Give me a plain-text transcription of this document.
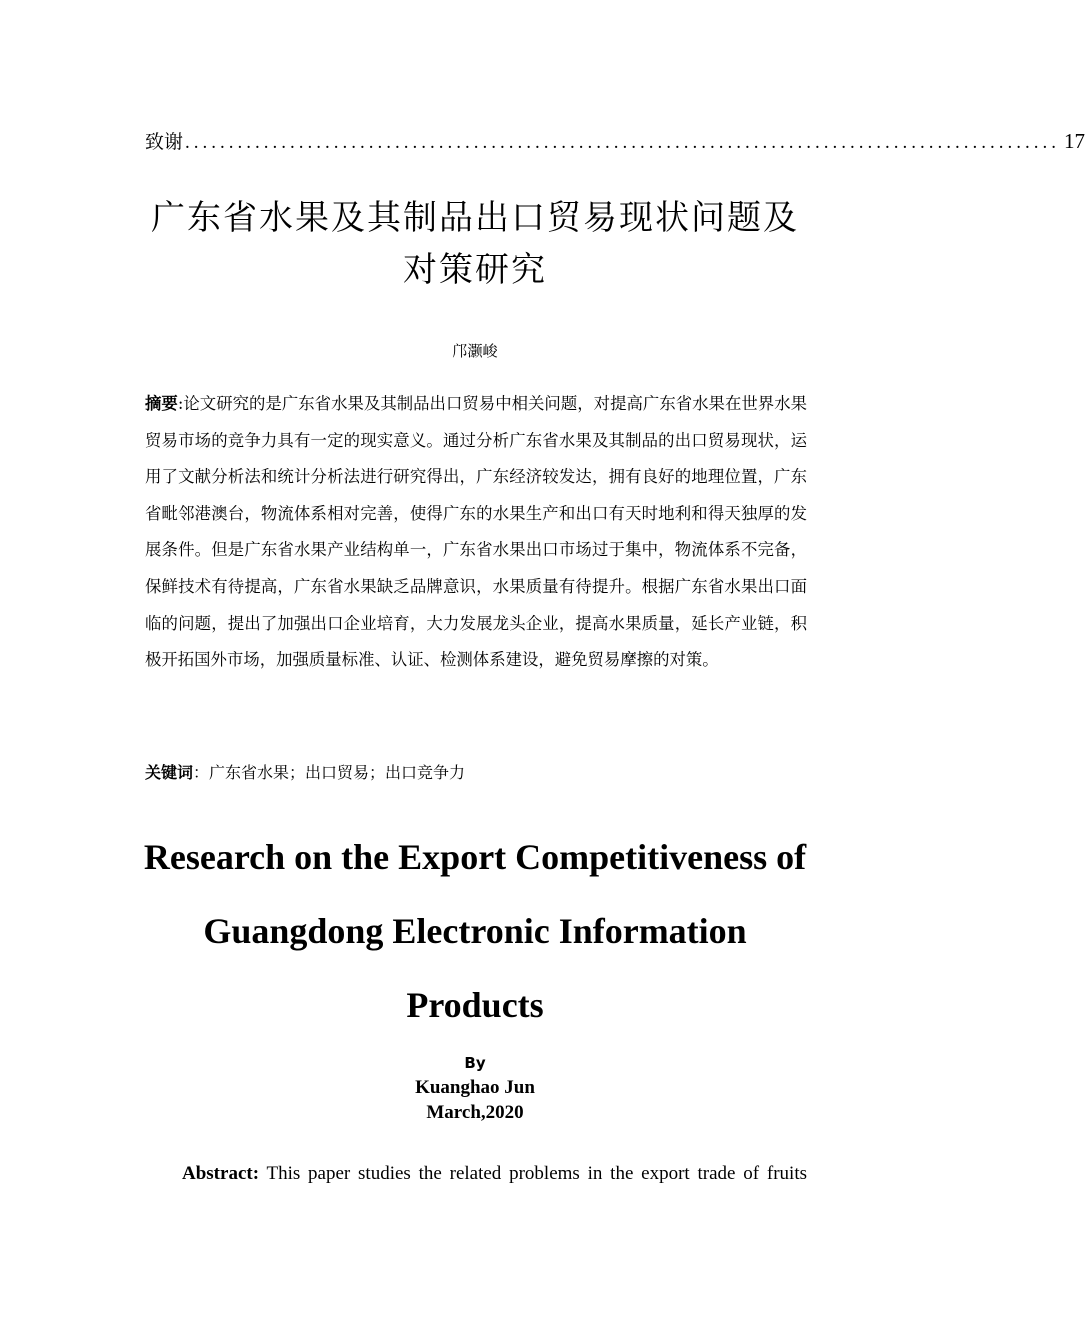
致谢 .................................................................................................... 17
广东省水果及其制品出口贸易现状问题及
对策研究
邝灏峻
摘要:论文研究的是广东省水果及其制品出口贸易中相关问题，对提高广东省水果在世界水果贸易市场的竞争力具有一定的现实意义。通过分析广东省水果及其制品的出口贸易现状，运用了文献分析法和统计分析法进行研究得出，广东经济较发达，拥有良好的地理位置，广东省毗邻港澳台，物流体系相对完善，使得广东的水果生产和出口有天时地利和得天独厚的发展条件。但是广东省水果产业结构单一，广东省水果出口市场过于集中，物流体系不完备，保鲜技术有待提高，广东省水果缺乏品牌意识，水果质量有待提升。根据广东省水果出口面临的问题，提出了加强出口企业培育，大力发展龙头企业，提高水果质量，延长产业链，积极开拓国外市场，加强质量标准、认证、检测体系建设，避免贸易摩擦的对策。
关键词：广东省水果；出口贸易；出口竞争力
Research on the Export Competitiveness of
Guangdong Electronic Information
Products
By
Kuanghao Jun
March,2020
Abstract: This paper studies the related problems in the export trade of fruits
